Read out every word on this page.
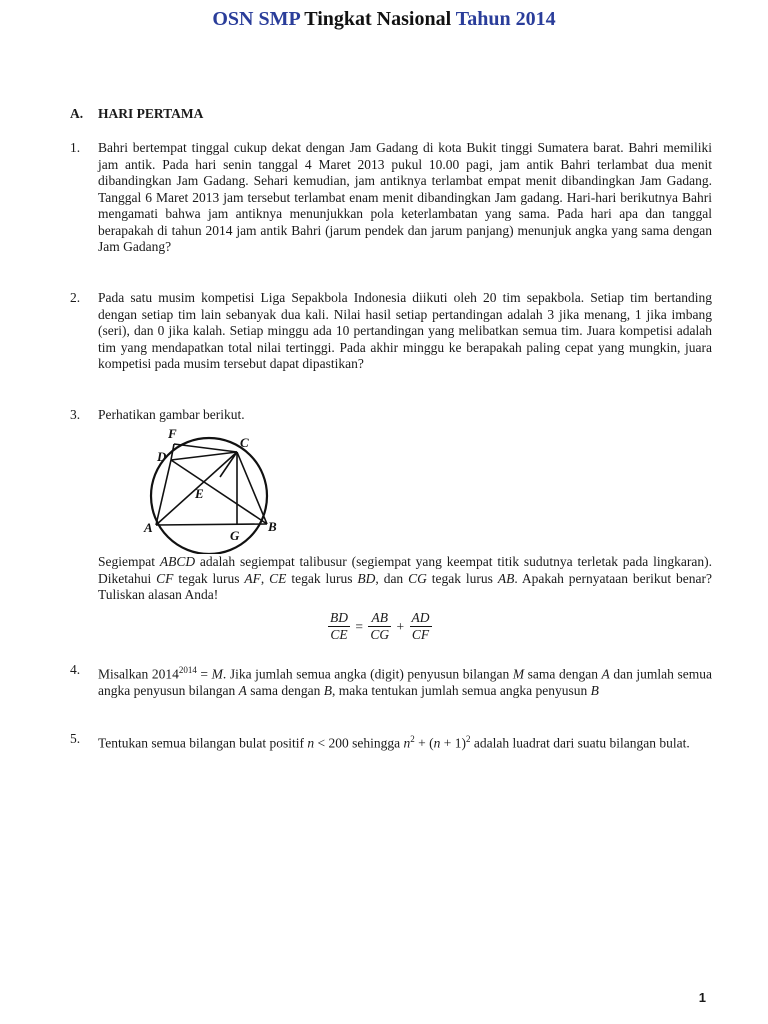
OSN SMP Tingkat Nasional Tahun 2014
A. HARI PERTAMA
1. Bahri bertempat tinggal cukup dekat dengan Jam Gadang di kota Bukit tinggi Sumatera barat. Bahri memiliki jam antik. Pada hari senin tanggal 4 Maret 2013 pukul 10.00 pagi, jam antik Bahri terlambat dua menit dibandingkan Jam Gadang. Sehari kemudian, jam antiknya terlambat empat menit dibandingkan Jam Gadang. Tanggal 6 Maret 2013 jam tersebut terlambat enam menit dibandingkan Jam gadang. Hari-hari berikutnya Bahri mengamati bahwa jam antiknya menunjukkan pola keterlambatan yang sama. Pada hari apa dan tanggal berapakah di tahun 2014 jam antik Bahri (jarum pendek dan jarum panjang) menunjuk angka yang sama dengan Jam Gadang?
2. Pada satu musim kompetisi Liga Sepakbola Indonesia diikuti oleh 20 tim sepakbola. Setiap tim bertanding dengan setiap tim lain sebanyak dua kali. Nilai hasil setiap pertandingan adalah 3 jika menang, 1 jika imbang (seri), dan 0 jika kalah. Setiap minggu ada 10 pertandingan yang melibatkan semua tim. Juara kompetisi adalah tim yang mendapatkan total nilai tertinggi. Pada akhir minggu ke berapakah paling cepat yang mungkin, juara kompetisi pada musim tersebut dapat dipastikan?
3. Perhatikan gambar berikut.
F
C
D
E
A
G
B
Segiempat ABCD adalah segiempat talibusur (segiempat yang keempat titik sudutnya terletak pada lingkaran). Diketahui CF tegak lurus AF, CE tegak lurus BD, dan CG tegak lurus AB. Apakah pernyataan berikut benar? Tuliskan alasan Anda!
$\frac{BD}{CE} = \frac{AB}{CG} + \frac{AD}{CF}$
4. Misalkan $2014^{2014} = M$. Jika jumlah semua angka (digit) penyusun bilangan M sama dengan A dan jumlah semua angka penyusun bilangan A sama dengan B, maka tentukan jumlah semua angka penyusun B
5. Tentukan semua bilangan bulat positif n < 200 sehingga $n^2 + (n + 1)^2$ adalah luadrat dari suatu bilangan bulat.
1
